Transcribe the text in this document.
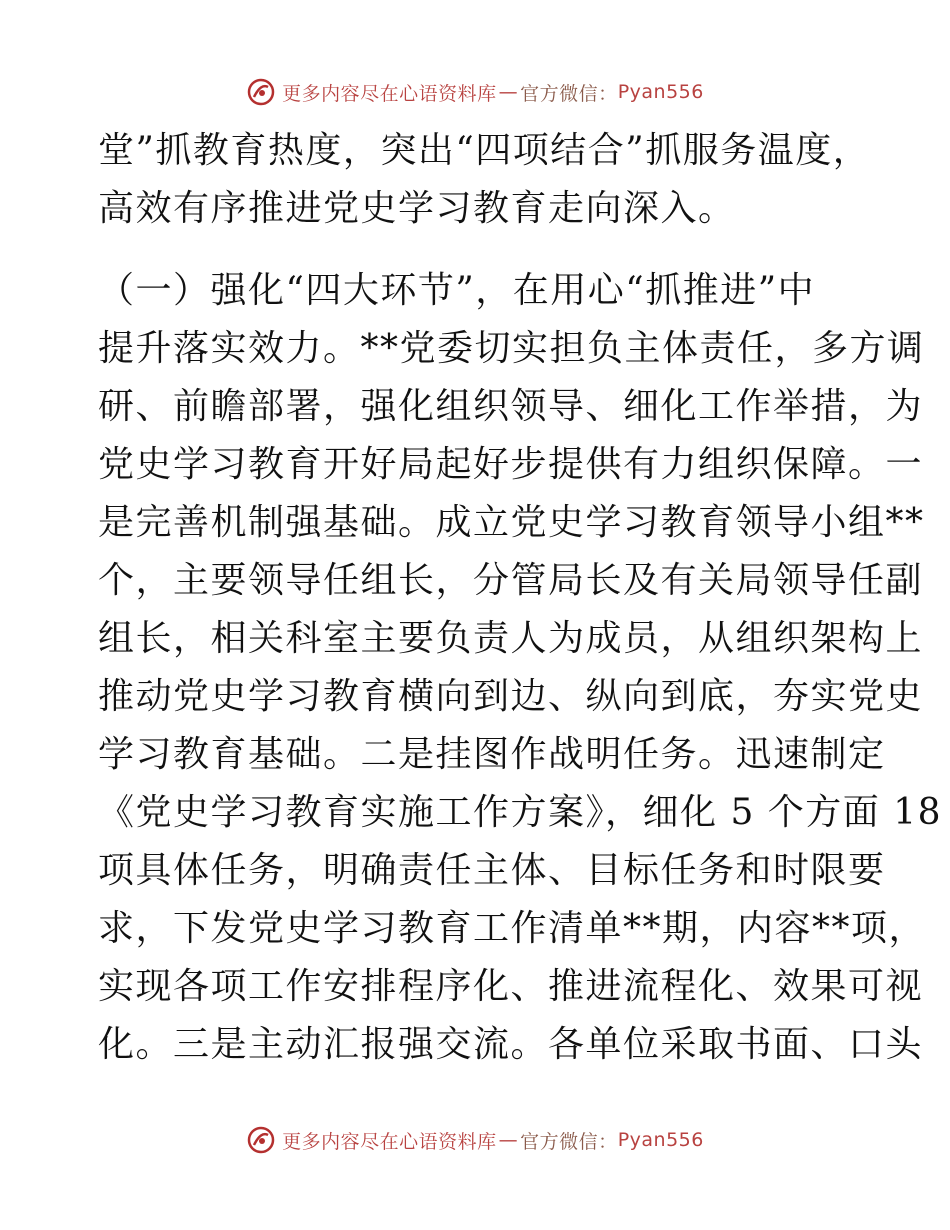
更多内容尽在心语资料库 — 官方微信： Pyan556
堂”抓教育热度，突出“四项结合”抓服务温度，
高效有序推进党史学习教育走向深入。
（一）强化“四大环节”，在用心“抓推进”中
提升落实效力。**党委切实担负主体责任，多方调
研、前瞻部署，强化组织领导、细化工作举措，为
党史学习教育开好局起好步提供有力组织保障。一
是完善机制强基础。成立党史学习教育领导小组**
个，主要领导任组长，分管局长及有关局领导任副
组长，相关科室主要负责人为成员，从组织架构上
推动党史学习教育横向到边、纵向到底，夯实党史
学习教育基础。二是挂图作战明任务。迅速制定
《党史学习教育实施工作方案》，细化 5 个方面 18
项具体任务，明确责任主体、目标任务和时限要
求，下发党史学习教育工作清单**期，内容**项，
实现各项工作安排程序化、推进流程化、效果可视
化。三是主动汇报强交流。各单位采取书面、口头
更多内容尽在心语资料库 — 官方微信： Pyan556
